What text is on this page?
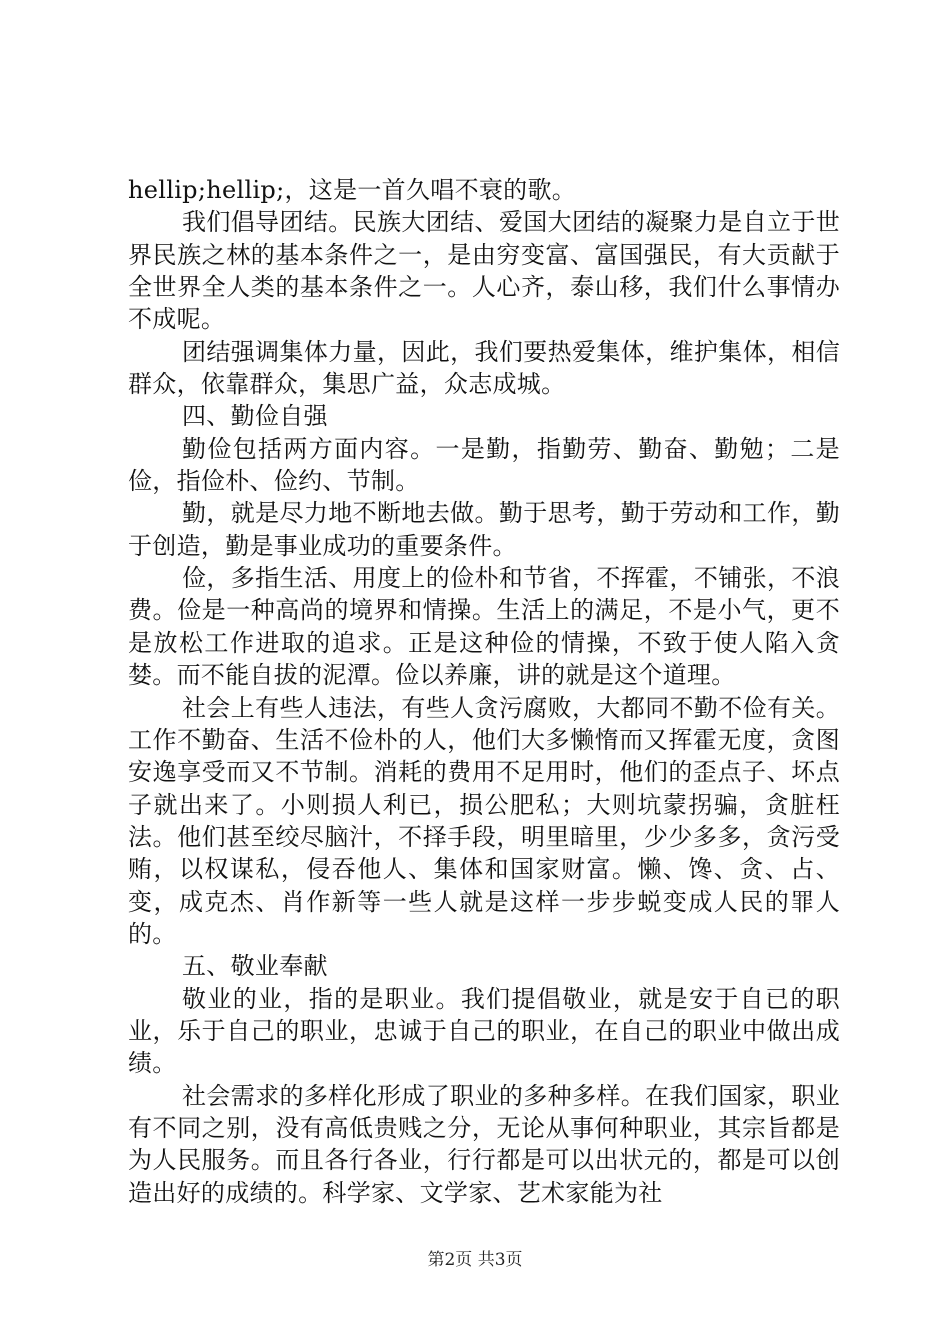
hellip;hellip;，这是一首久唱不衰的歌。

我们倡导团结。民族大团结、爱国大团结的凝聚力是自立于世界民族之林的基本条件之一，是由穷变富、富国强民，有大贡献于全世界全人类的基本条件之一。人心齐，泰山移，我们什么事情办不成呢。

团结强调集体力量，因此，我们要热爱集体，维护集体，相信群众，依靠群众，集思广益，众志成城。

四、勤俭自强

勤俭包括两方面内容。一是勤，指勤劳、勤奋、勤勉；二是俭，指俭朴、俭约、节制。

勤，就是尽力地不断地去做。勤于思考，勤于劳动和工作，勤于创造，勤是事业成功的重要条件。

俭，多指生活、用度上的俭朴和节省，不挥霍，不铺张，不浪费。俭是一种高尚的境界和情操。生活上的满足，不是小气，更不是放松工作进取的追求。正是这种俭的情操，不致于使人陷入贪婪。而不能自拔的泥潭。俭以养廉，讲的就是这个道理。

社会上有些人违法，有些人贪污腐败，大都同不勤不俭有关。工作不勤奋、生活不俭朴的人，他们大多懒惰而又挥霍无度，贪图安逸享受而又不节制。消耗的费用不足用时，他们的歪点子、坏点子就出来了。小则损人利已，损公肥私；大则坑蒙拐骗，贪脏枉法。他们甚至绞尽脑汁，不择手段，明里暗里，少少多多，贪污受贿，以权谋私，侵吞他人、集体和国家财富。懒、馋、贪、占、变，成克杰、肖作新等一些人就是这样一步步蜕变成人民的罪人的。

五、敬业奉献

敬业的业，指的是职业。我们提倡敬业，就是安于自已的职业，乐于自己的职业，忠诚于自己的职业，在自己的职业中做出成绩。

社会需求的多样化形成了职业的多种多样。在我们国家，职业有不同之别，没有高低贵贱之分，无论从事何种职业，其宗旨都是为人民服务。而且各行各业，行行都是可以出状元的，都是可以创造出好的成绩的。科学家、文学家、艺术家能为社

第2页 共3页
